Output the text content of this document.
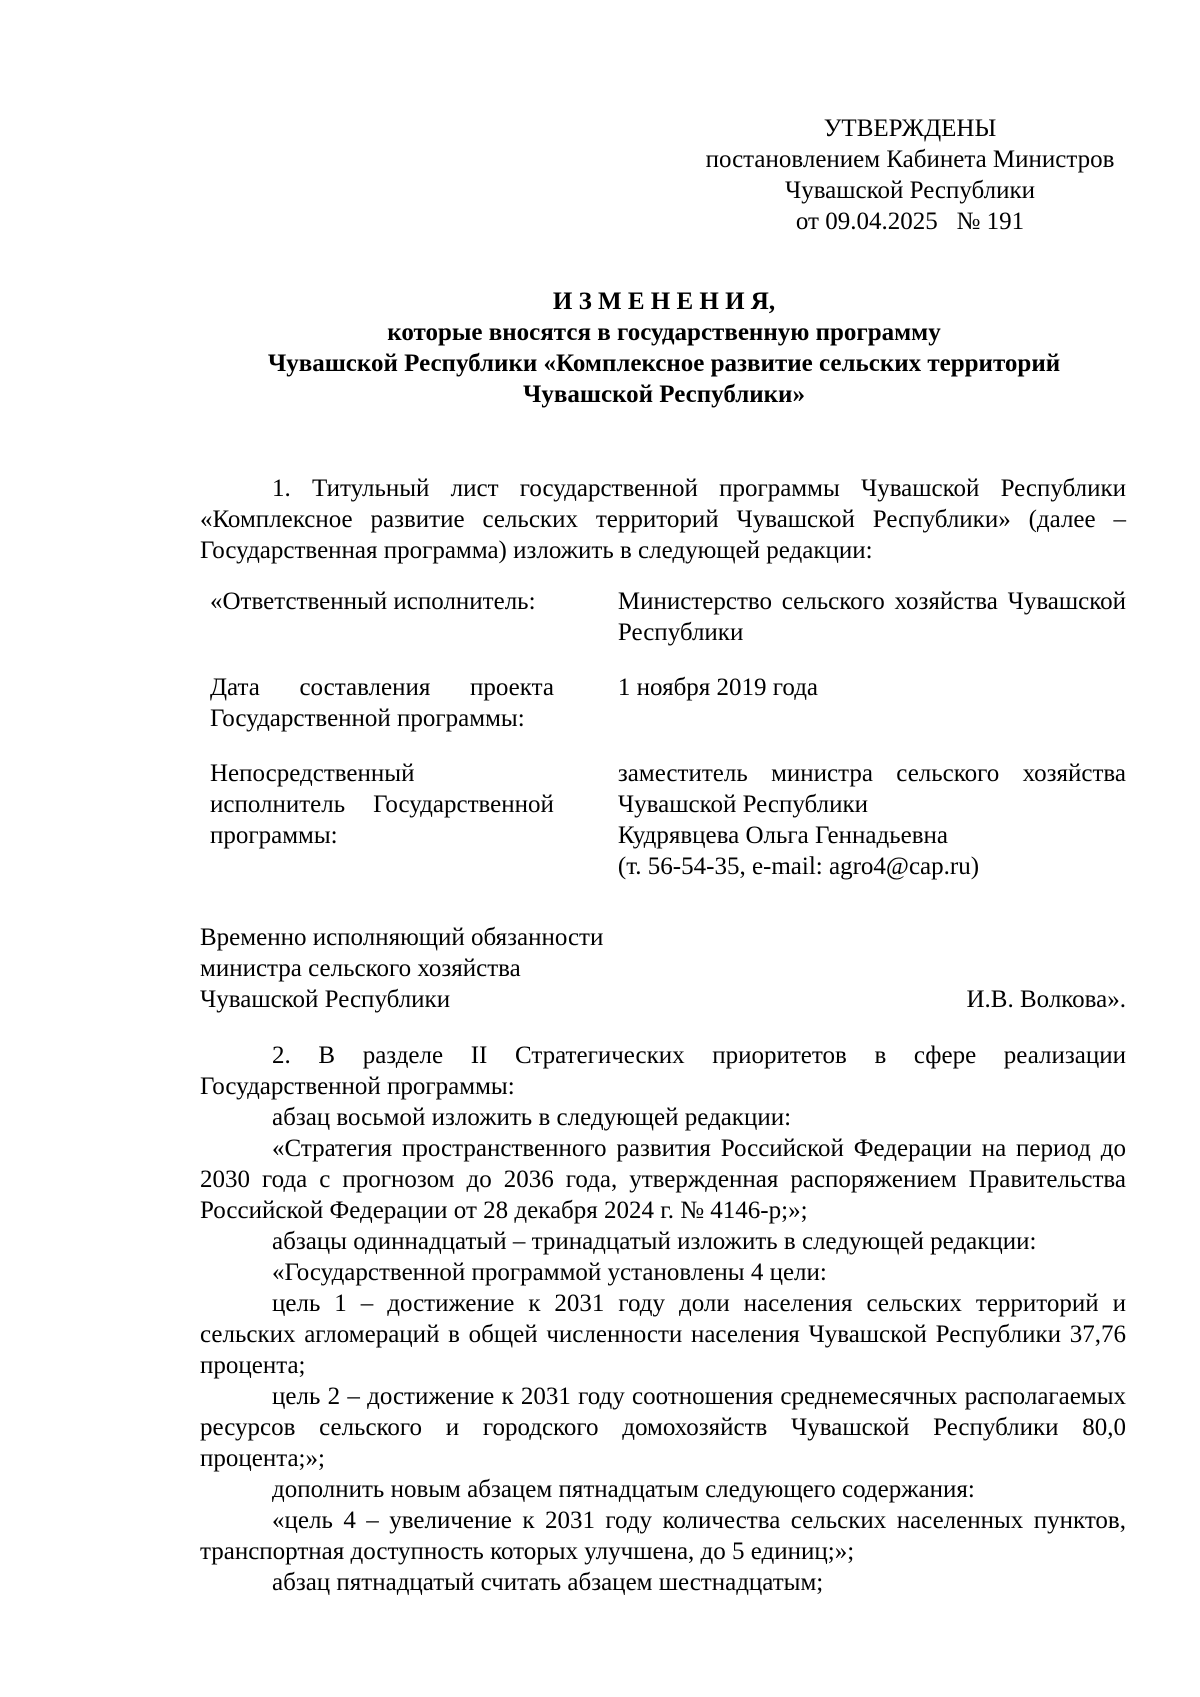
УТВЕРЖДЕНЫ
постановлением Кабинета Министров
Чувашской Республики
от 09.04.2025   № 191
И З М Е Н Е Н И Я,
которые вносятся в государственную программу
Чувашской Республики «Комплексное развитие сельских территорий
Чувашской Республики»
1. Титульный лист государственной программы Чувашской Республики «Комплексное развитие сельских территорий Чувашской Республики» (далее – Государственная программа) изложить в следующей редакции:
«Ответственный исполнитель:	Министерство сельского хозяйства Чувашской Республики
Дата составления проекта Государственной программы:
1 ноября 2019 года
Непосредственный исполнитель Государственной программы:
заместитель министра сельского хозяйства Чувашской Республики
Кудрявцева Ольга Геннадьевна
(т. 56-54-35, e-mail: agro4@cap.ru)
Временно исполняющий обязанности
министра сельского хозяйства
Чувашской Республики	И.В. Волкова».

2. В разделе II Стратегических приоритетов в сфере реализации Государственной программы:

абзац восьмой изложить в следующей редакции:

«Стратегия пространственного развития Российской Федерации на период до 2030 года с прогнозом до 2036 года, утвержденная распоряжением Правительства Российской Федерации от 28 декабря 2024 г. № 4146-р;»;

абзацы одиннадцатый – тринадцатый изложить в следующей редакции:

«Государственной программой установлены 4 цели:

цель 1 – достижение к 2031 году доли населения сельских территорий и сельских агломераций в общей численности населения Чувашской Республики 37,76 процента;

цель 2 – достижение к 2031 году соотношения среднемесячных располагаемых ресурсов сельского и городского домохозяйств Чувашской Республики 80,0 процента;»;

дополнить новым абзацем пятнадцатым следующего содержания:

«цель 4 – увеличение к 2031 году количества сельских населенных пунктов, транспортная доступность которых улучшена, до 5 единиц;»;

абзац пятнадцатый считать абзацем шестнадцатым;
